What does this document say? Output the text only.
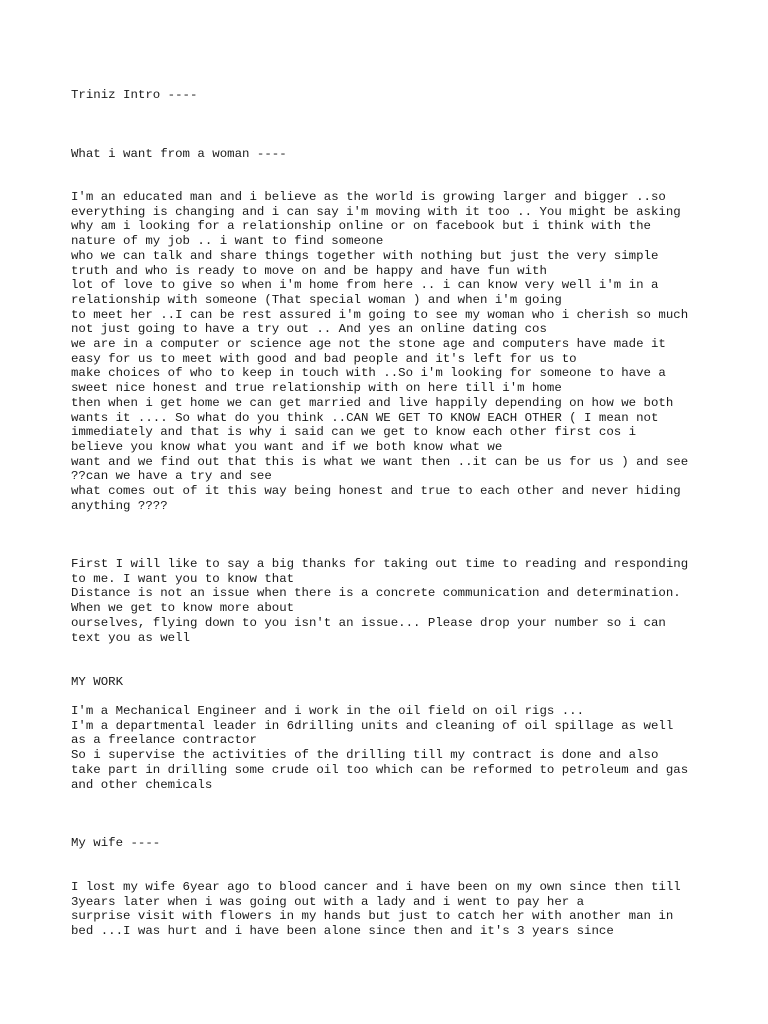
Triniz Intro ----

What i want from a woman ----

I'm an educated man and i believe as the world is growing larger and bigger ..so
everything is changing and i can say i'm moving with it too .. You might be asking
why am i looking for a relationship online or on facebook but i think with the
nature of my job .. i want to find someone
who we can talk and share things together with nothing but just the very simple
truth and who is ready to move on and be happy and have fun with
lot of love to give so when i'm home from here .. i can know very well i'm in a
relationship with someone (That special woman ) and when i'm going
to meet her ..I can be rest assured i'm going to see my woman who i cherish so much
not just going to have a try out .. And yes an online dating cos
we are in a computer or science age not the stone age and computers have made it
easy for us to meet with good and bad people and it's left for us to
make choices of who to keep in touch with ..So i'm looking for someone to have a
sweet nice honest and true relationship with on here till i'm home
then when i get home we can get married and live happily depending on how we both
wants it .... So what do you think ..CAN WE GET TO KNOW EACH OTHER ( I mean not
immediately and that is why i said can we get to know each other first cos i
believe you know what you want and if we both know what we
want and we find out that this is what we want then ..it can be us for us ) and see
??can we have a try and see
what comes out of it this way being honest and true to each other and never hiding
anything ????
First I will like to say a big thanks for taking out time to reading and responding
to me. I want you to know that
Distance is not an issue when there is a concrete communication and determination.
When we get to know more about
ourselves, flying down to you isn't an issue... Please drop your number so i can
text you as well

MY WORK

I'm a Mechanical Engineer and i work in the oil field on oil rigs ...
I'm a departmental leader in 6drilling units and cleaning of oil spillage as well
as a freelance contractor
So i supervise the activities of the drilling till my contract is done and also
take part in drilling some crude oil too which can be reformed to petroleum and gas
and other chemicals

My wife ----

I lost my wife 6year ago to blood cancer and i have been on my own since then till
3years later when i was going out with a lady and i went to pay her a
surprise visit with flowers in my hands but just to catch her with another man in
bed ...I was hurt and i have been alone since then and it's 3 years since
